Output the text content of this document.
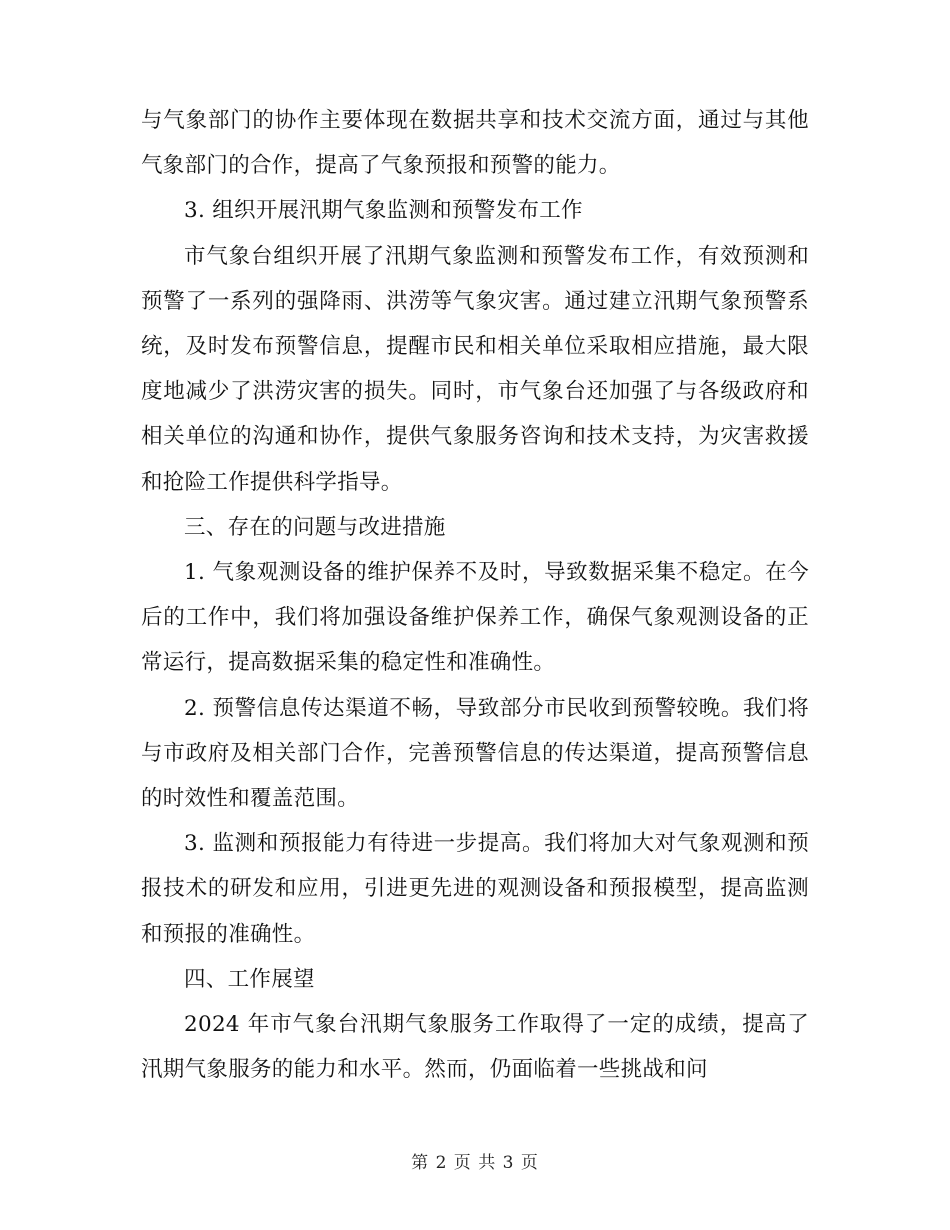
与气象部门的协作主要体现在数据共享和技术交流方面，通过与其他气象部门的合作，提高了气象预报和预警的能力。

3. 组织开展汛期气象监测和预警发布工作

市气象台组织开展了汛期气象监测和预警发布工作，有效预测和预警了一系列的强降雨、洪涝等气象灾害。通过建立汛期气象预警系统，及时发布预警信息，提醒市民和相关单位采取相应措施，最大限度地减少了洪涝灾害的损失。同时，市气象台还加强了与各级政府和相关单位的沟通和协作，提供气象服务咨询和技术支持，为灾害救援和抢险工作提供科学指导。

三、存在的问题与改进措施

1. 气象观测设备的维护保养不及时，导致数据采集不稳定。在今后的工作中，我们将加强设备维护保养工作，确保气象观测设备的正常运行，提高数据采集的稳定性和准确性。

2. 预警信息传达渠道不畅，导致部分市民收到预警较晚。我们将与市政府及相关部门合作，完善预警信息的传达渠道，提高预警信息的时效性和覆盖范围。

3. 监测和预报能力有待进一步提高。我们将加大对气象观测和预报技术的研发和应用，引进更先进的观测设备和预报模型，提高监测和预报的准确性。

四、工作展望

2024 年市气象台汛期气象服务工作取得了一定的成绩，提高了汛期气象服务的能力和水平。然而，仍面临着一些挑战和问

第 2 页 共 3 页
